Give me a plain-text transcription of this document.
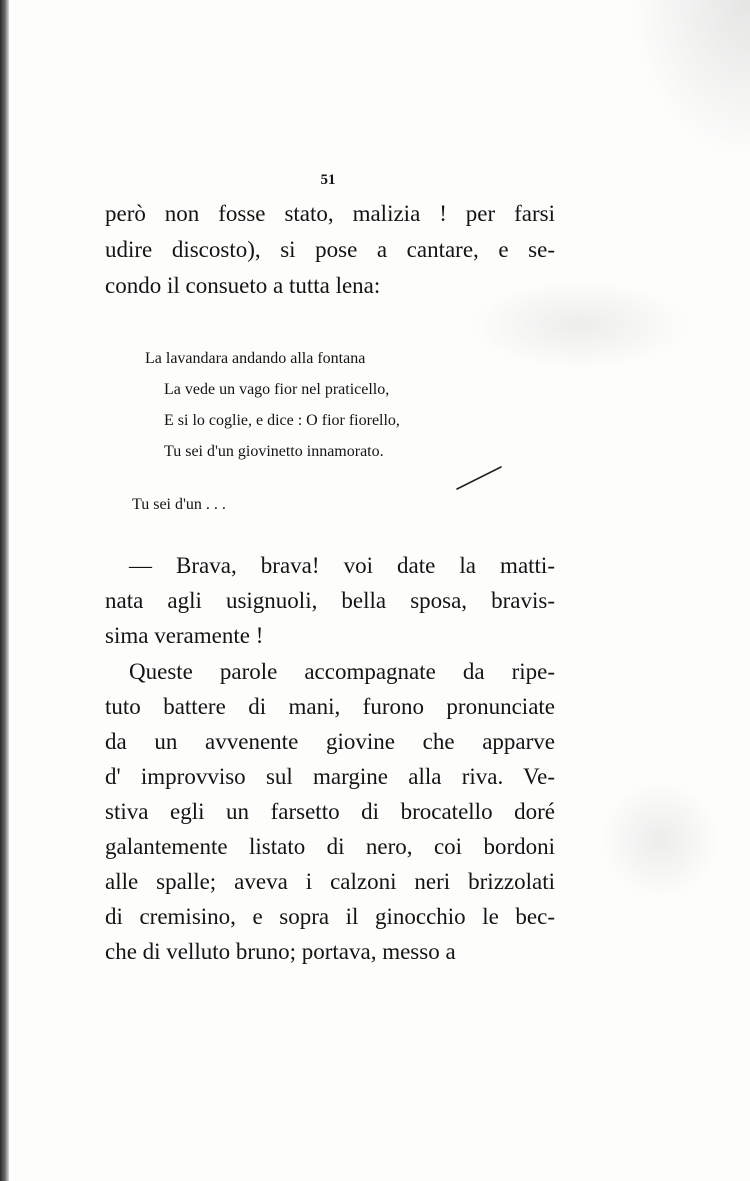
51
però non fosse stato, malizia ! per farsi
udire discosto), si pose a cantare, e se-
condo il consueto a tutta lena:
La lavandara andando alla fontana
La vede un vago fior nel praticello,
E si lo coglie, e dice : O fior fiorello,
Tu sei d'un giovinetto innamorato.
Tu sei d'un . . .
— Brava, brava! voi date la matti-
nata agli usignuoli, bella sposa, bravis-
sima veramente !
Queste parole accompagnate da ripe-
tuto battere di mani, furono pronunciate
da un avvenente giovine che apparve
d' improvviso sul margine alla riva. Ve-
stiva egli un farsetto di brocatello doré
galantemente listato di nero, coi bordoni
alle spalle; aveva i calzoni neri brizzolati
di cremisino, e sopra il ginocchio le bec-
che di velluto bruno; portava, messo a
